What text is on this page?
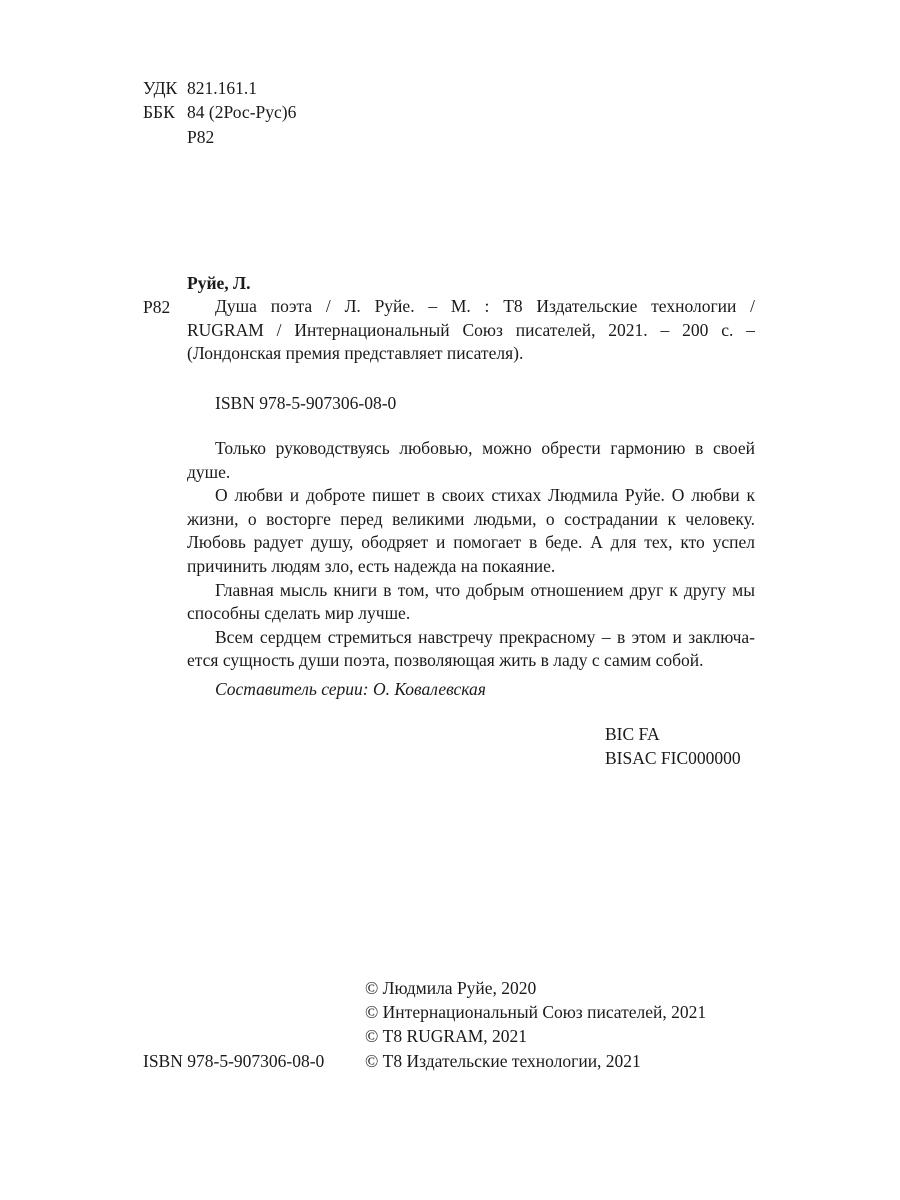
УДК 821.161.1
ББК 84 (2Рос-Рус)6
Р82
Руйе, Л.
Р82	Душа поэта / Л. Руйе. – М. : Т8 Издательские технологии /
RUGRAM / Интернациональный Союз писателей, 2021. – 200 с. –
(Лондонская премия представляет писателя).
ISBN 978-5-907306-08-0
Только руководствуясь любовью, можно обрести гармонию в своей
душе.
О любви и доброте пишет в своих стихах Людмила Руйе. О любви к
жизни, о восторге перед великими людьми, о сострадании к человеку.
Любовь радует душу, ободряет и помогает в беде. А для тех, кто успел
причинить людям зло, есть надежда на покаяние.
Главная мысль книги в том, что добрым отношением друг к другу мы
способны сделать мир лучше.
Всем сердцем стремиться навстречу прекрасному – в этом и заключа-
ется сущность души поэта, позволяющая жить в ладу с самим собой.
Составитель серии: О. Ковалевская
BIC FA
BISAC FIC000000
© Людмила Руйе, 2020
© Интернациональный Союз писателей, 2021
© Т8 RUGRAM, 2021
© Т8 Издательские технологии, 2021
ISBN 978-5-907306-08-0
